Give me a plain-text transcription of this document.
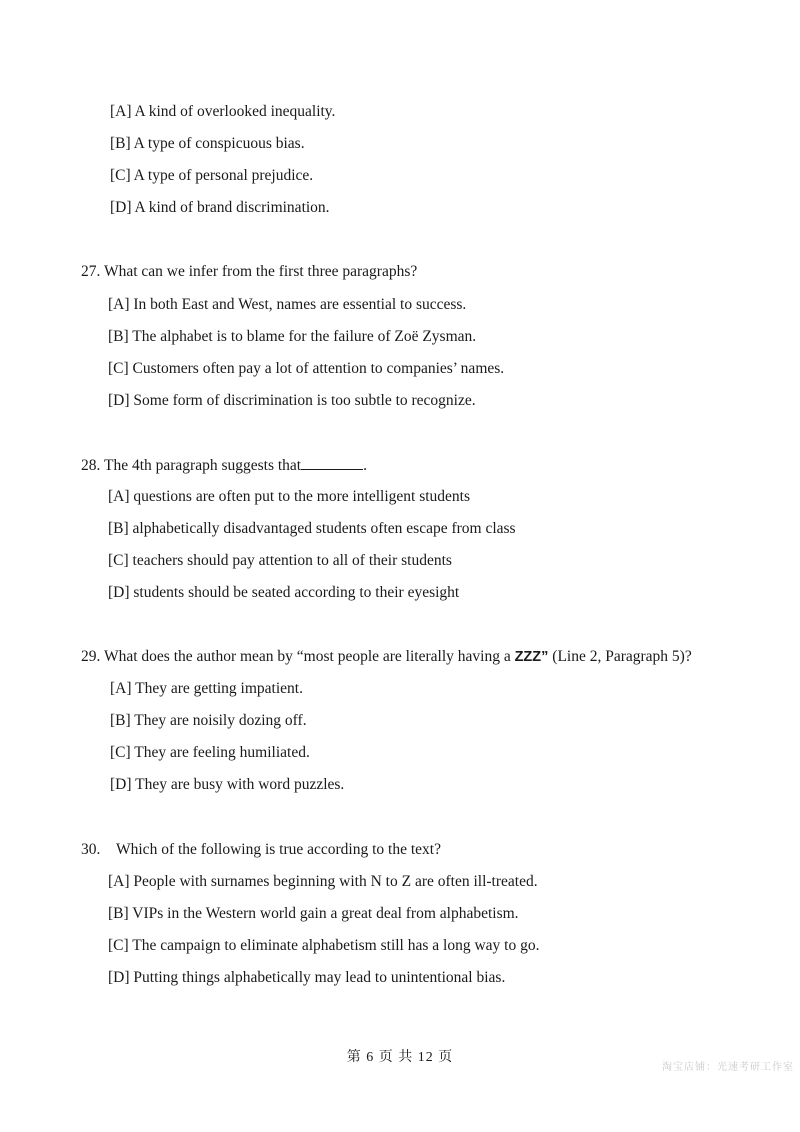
[A] A kind of overlooked inequality.
[B] A type of conspicuous bias.
[C] A type of personal prejudice.
[D] A kind of brand discrimination.
27. What can we infer from the first three paragraphs?
[A] In both East and West, names are essential to success.
[B] The alphabet is to blame for the failure of Zoë Zysman.
[C] Customers often pay a lot of attention to companies’ names.
[D] Some form of discrimination is too subtle to recognize.
28. The 4th paragraph suggests that	.
[A] questions are often put to the more intelligent students
[B] alphabetically disadvantaged students often escape from class
[C] teachers should pay attention to all of their students
[D] students should be seated according to their eyesight
29. What does the author mean by “most people are literally having a ZZZ” (Line 2, Paragraph 5)?
[A] They are getting impatient.
[B] They are noisily dozing off.
[C] They are feeling humiliated.
[D] They are busy with word puzzles.
30. Which of the following is true according to the text?
[A] People with surnames beginning with N to Z are often ill-treated.
[B] VIPs in the Western world gain a great deal from alphabetism.
[C] The campaign to eliminate alphabetism still has a long way to go.
[D] Putting things alphabetically may lead to unintentional bias.
第 6 页 共 12 页
淘宝店铺：光速考研工作室
